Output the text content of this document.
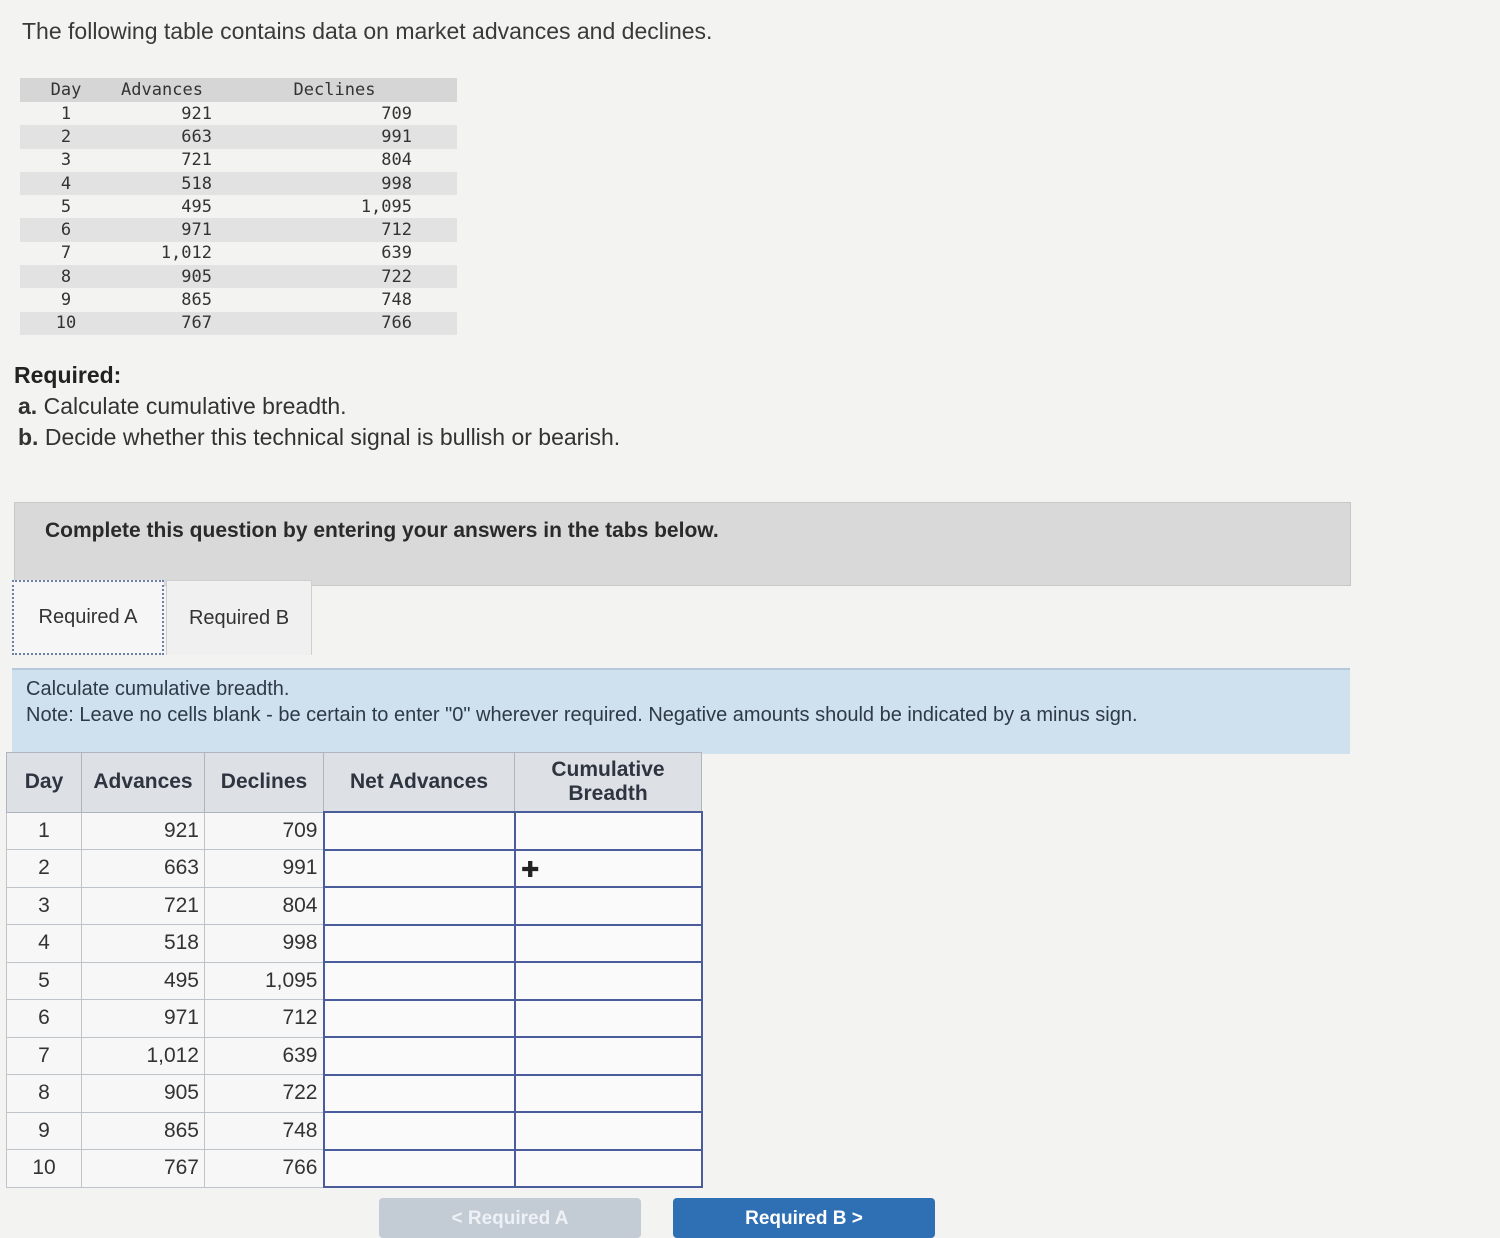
The following table contains data on market advances and declines.
Day	Advances	Declines
1	921	709
2	663	991
3	721	804
4	518	998
5	495	1,095
6	971	712
7	1,012	639
8	905	722
9	865	748
10	767	766
Required:
a. Calculate cumulative breadth.
b. Decide whether this technical signal is bullish or bearish.
Complete this question by entering your answers in the tabs below.
Required A	Required B
Calculate cumulative breadth.
Note: Leave no cells blank - be certain to enter "0" wherever required. Negative amounts should be indicated by a minus sign.
Day	Advances	Declines	Net Advances	Cumulative Breadth
1	921	709		
2	663	991		
3	721	804		
4	518	998		
5	495	1,095		
6	971	712		
7	1,012	639		
8	905	722		
9	865	748		
10	767	766		
✚
< Required A	Required B >
